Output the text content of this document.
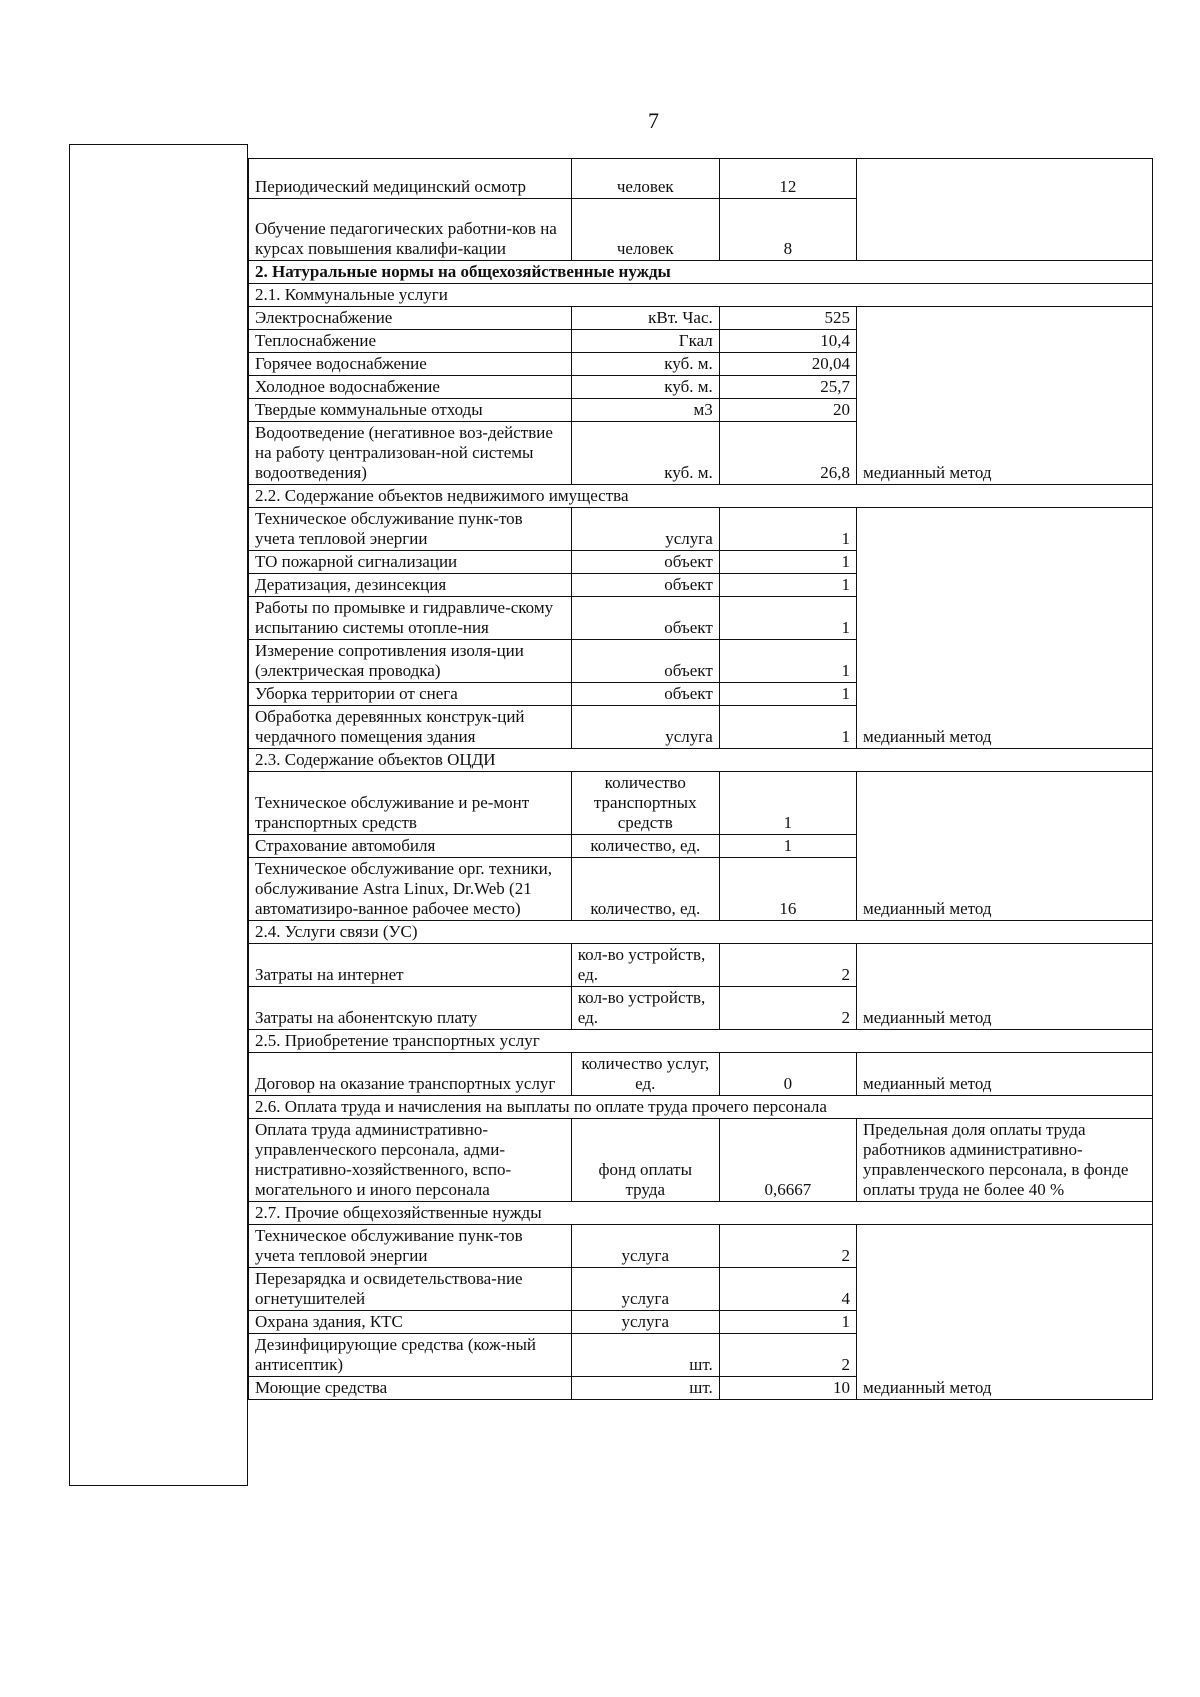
7
Периодический медицинский осмотр	человек	12	
Обучение педагогических работни-ков на курсах повышения квалифи-кации	человек	8	
2. Натуральные нормы на общехозяйственные нужды			
2.1. Коммунальные услуги			
Электроснабжение	кВт. Час.	525	медианный метод
Теплоснабжение	Гкал	10,4	
Горячее водоснабжение	куб. м.	20,04	
Холодное водоснабжение	куб. м.	25,7	
Твердые коммунальные отходы	м3	20	
Водоотведение (негативное воз-действие на работу централизован-ной системы водоотведения)	куб. м.	26,8	
2.2. Содержание объектов недвижимого имущества			
Техническое обслуживание пунк-тов учета тепловой энергии	услуга	1	медианный метод
ТО пожарной сигнализации	объект	1	
Дератизация, дезинсекция	объект	1	
Работы по промывке и гидравличе-скому испытанию системы отопле-ния	объект	1	
Измерение сопротивления изоля-ции (электрическая проводка)	объект	1	
Уборка территории от снега	объект	1	
Обработка деревянных конструк-ций чердачного помещения здания	услуга	1	
2.3. Содержание объектов ОЦДИ			
Техническое обслуживание и ре-монт транспортных средств	количество транспортных средств	1	медианный метод
Страхование автомобиля	количество, ед.	1	
Техническое обслуживание орг. техники, обслуживание Astra Linux, Dr.Web (21 автоматизиро-ванное рабочее место)	количество, ед.	16	
2.4. Услуги связи (УС)			
Затраты на интернет	кол-во устройств, ед.	2	медианный метод
Затраты на абонентскую плату	кол-во устройств, ед.	2	
2.5. Приобретение транспортных услуг			
Договор на оказание транспортных услуг	количество услуг, ед.	0	медианный метод
2.6. Оплата труда и начисления на выплаты по оплате труда прочего персонала			
Оплата труда административно-управленческого персонала, адми-нистративно-хозяйственного, вспо-могательного и иного персонала	фонд оплаты труда	0,6667	Предельная доля оплаты труда работников административно-управленческого персонала, в фонде оплаты труда не более 40 %
2.7. Прочие общехозяйственные нужды			
Техническое обслуживание пунк-тов учета тепловой энергии	услуга	2	медианный метод
Перезарядка и освидетельствова-ние огнетушителей	услуга	4	
Охрана здания, КТС	услуга	1	
Дезинфицирующие средства (кож-ный антисептик)	шт.	2	
Моющие средства	шт.	10	
